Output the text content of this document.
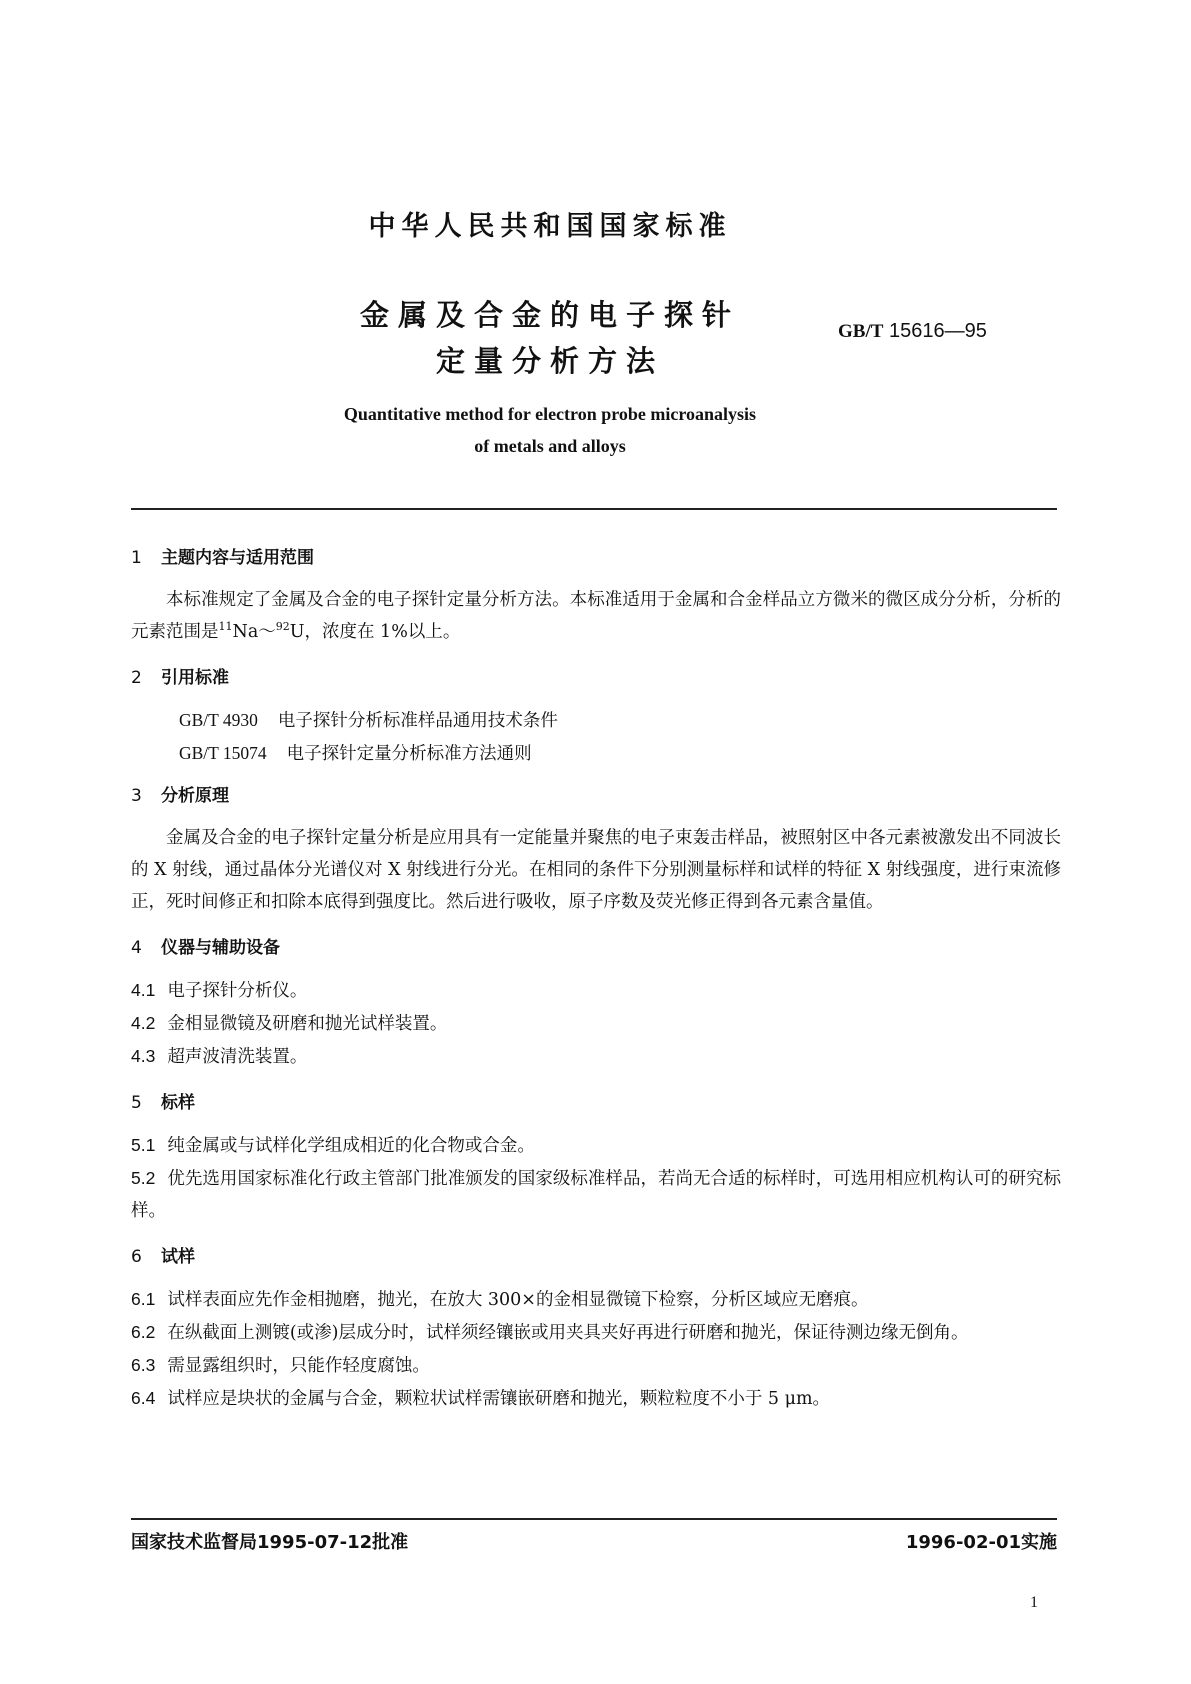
中华人民共和国国家标准
金属及合金的电子探针
定量分析方法
GB/T 15616—95
Quantitative method for electron probe microanalysis
of metals and alloys
1 主题内容与适用范围

本标准规定了金属及合金的电子探针定量分析方法。本标准适用于金属和合金样品立方微米的微区成分分析，分析的元素范围是$^{11}$Na～$^{92}$U，浓度在 1%以上。

2 引用标准

GB/T 4930 电子探针分析标准样品通用技术条件

GB/T 15074 电子探针定量分析标准方法通则

3 分析原理

金属及合金的电子探针定量分析是应用具有一定能量并聚焦的电子束轰击样品，被照射区中各元素被激发出不同波长的 X 射线，通过晶体分光谱仪对 X 射线进行分光。在相同的条件下分别测量标样和试样的特征 X 射线强度，进行束流修正，死时间修正和扣除本底得到强度比。然后进行吸收，原子序数及荧光修正得到各元素含量值。

4 仪器与辅助设备

4.1 电子探针分析仪。

4.2 金相显微镜及研磨和抛光试样装置。

4.3 超声波清洗装置。

5 标样

5.1 纯金属或与试样化学组成相近的化合物或合金。

5.2 优先选用国家标准化行政主管部门批准颁发的国家级标准样品，若尚无合适的标样时，可选用相应机构认可的研究标样。

6 试样

6.1 试样表面应先作金相抛磨，抛光，在放大 300×的金相显微镜下检察，分析区域应无磨痕。

6.2 在纵截面上测镀(或渗)层成分时，试样须经镶嵌或用夹具夹好再进行研磨和抛光，保证待测边缘无倒角。

6.3 需显露组织时，只能作轻度腐蚀。

6.4 试样应是块状的金属与合金，颗粒状试样需镶嵌研磨和抛光，颗粒粒度不小于 5 μm。

国家技术监督局1995-07-12批准	1996-02-01实施
1
